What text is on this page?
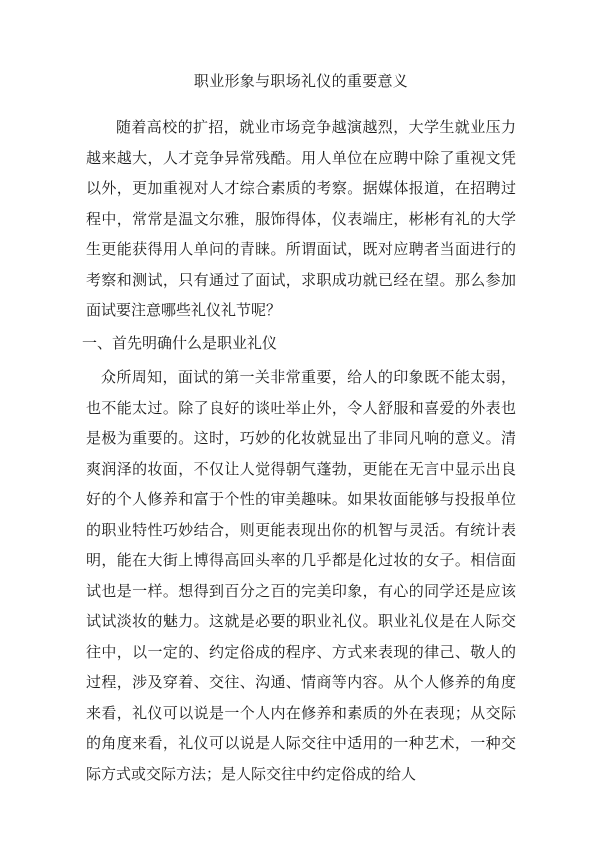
职业形象与职场礼仪的重要意义

随着高校的扩招，就业市场竞争越演越烈，大学生就业压力越来越大，人才竞争异常残酷。用人单位在应聘中除了重视文凭以外，更加重视对人才综合素质的考察。据媒体报道，在招聘过程中，常常是温文尔雅，服饰得体，仪表端庄，彬彬有礼的大学生更能获得用人单问的青睐。所谓面试，既对应聘者当面进行的考察和测试，只有通过了面试，求职成功就已经在望。那么参加面试要注意哪些礼仪礼节呢？

一、首先明确什么是职业礼仪

众所周知，面试的第一关非常重要，给人的印象既不能太弱，也不能太过。除了良好的谈吐举止外，令人舒服和喜爱的外表也是极为重要的。这时，巧妙的化妆就显出了非同凡响的意义。清爽润泽的妆面，不仅让人觉得朝气蓬勃，更能在无言中显示出良好的个人修养和富于个性的审美趣味。如果妆面能够与投报单位的职业特性巧妙结合，则更能表现出你的机智与灵活。有统计表明，能在大街上博得高回头率的几乎都是化过妆的女子。相信面试也是一样。想得到百分之百的完美印象，有心的同学还是应该试试淡妆的魅力。这就是必要的职业礼仪。职业礼仪是在人际交往中，以一定的、约定俗成的程序、方式来表现的律己、敬人的过程，涉及穿着、交往、沟通、情商等内容。从个人修养的角度来看，礼仪可以说是一个人内在修养和素质的外在表现；从交际的角度来看，礼仪可以说是人际交往中适用的一种艺术，一种交际方式或交际方法；是人际交往中约定俗成的给人
